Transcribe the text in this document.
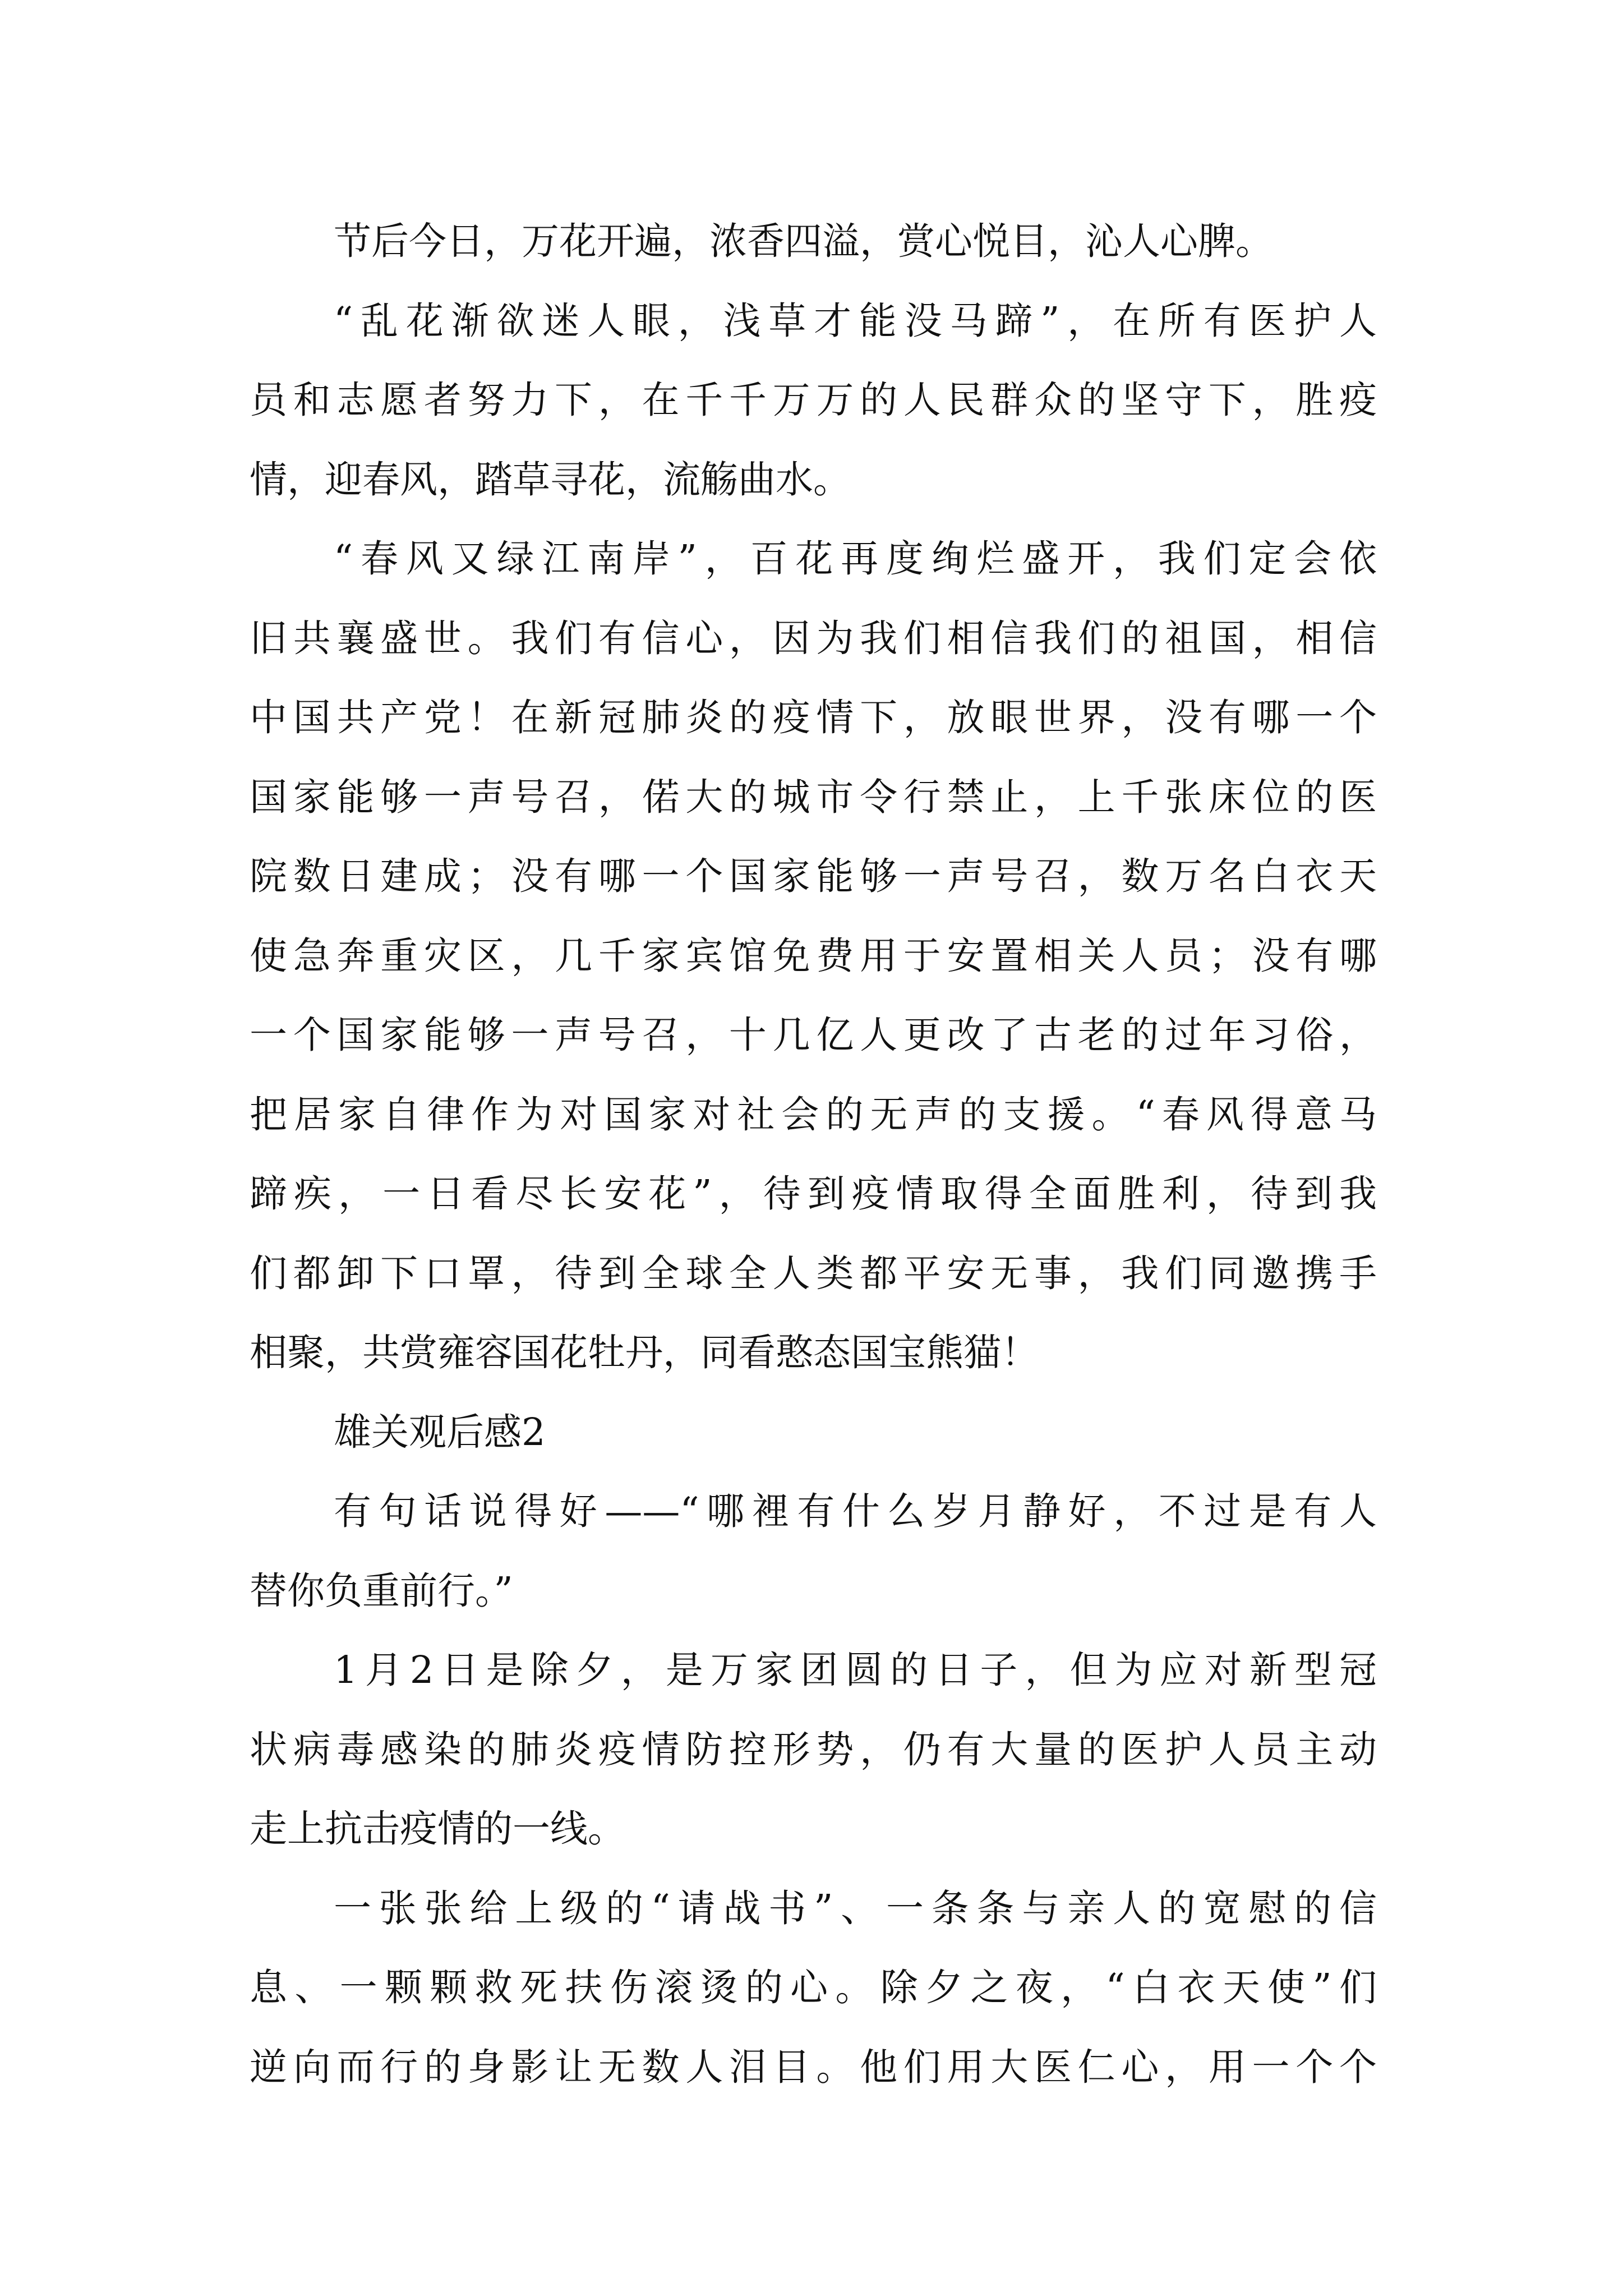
节后今日，万花开遍，浓香四溢，赏心悦目，沁人心脾。
“乱花渐欲迷人眼，浅草才能没马蹄”，在所有医护人
员和志愿者努力下，在千千万万的人民群众的坚守下，胜疫
情，迎春风，踏草寻花，流觞曲水。
“春风又绿江南岸”，百花再度绚烂盛开，我们定会依
旧共襄盛世。我们有信心，因为我们相信我们的祖国，相信
中国共产党！在新冠肺炎的疫情下，放眼世界，没有哪一个
国家能够一声号召，偌大的城市令行禁止，上千张床位的医
院数日建成；没有哪一个国家能够一声号召，数万名白衣天
使急奔重灾区，几千家宾馆免费用于安置相关人员；没有哪
一个国家能够一声号召，十几亿人更改了古老的过年习俗，
把居家自律作为对国家对社会的无声的支援。“春风得意马
蹄疾，一日看尽长安花”，待到疫情取得全面胜利，待到我
们都卸下口罩，待到全球全人类都平安无事，我们同邀携手
相聚，共赏雍容国花牡丹，同看憨态国宝熊猫！
雄关观后感2
有句话说得好——“哪裡有什么岁月静好，不过是有人
替你负重前行。”
1月2日是除夕，是万家团圆的日子，但为应对新型冠
状病毒感染的肺炎疫情防控形势，仍有大量的医护人员主动
走上抗击疫情的一线。
一张张给上级的“请战书”、一条条与亲人的宽慰的信
息、一颗颗救死扶伤滚烫的心。除夕之夜，“白衣天使”们
逆向而行的身影让无数人泪目。他们用大医仁心，用一个个
